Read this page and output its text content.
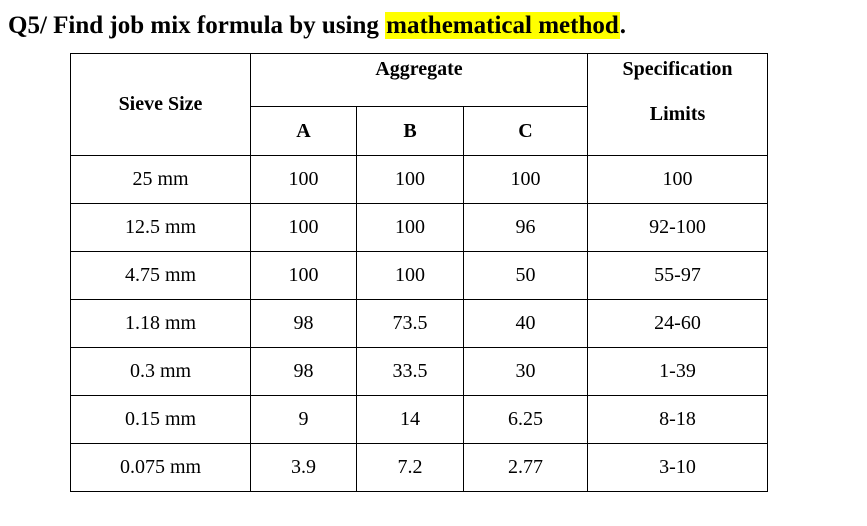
Q5/ Find job mix formula by using mathematical method.
Sieve Size	Aggregate			Specification
Limits

	A	B	C	
25 mm	100	100	100	100
12.5 mm	100	100	96	92-100
4.75 mm	100	100	50	55-97
1.18 mm	98	73.5	40	24-60
0.3 mm	98	33.5	30	1-39
0.15 mm	9	14	6.25	8-18
0.075 mm	3.9	7.2	2.77	3-10
